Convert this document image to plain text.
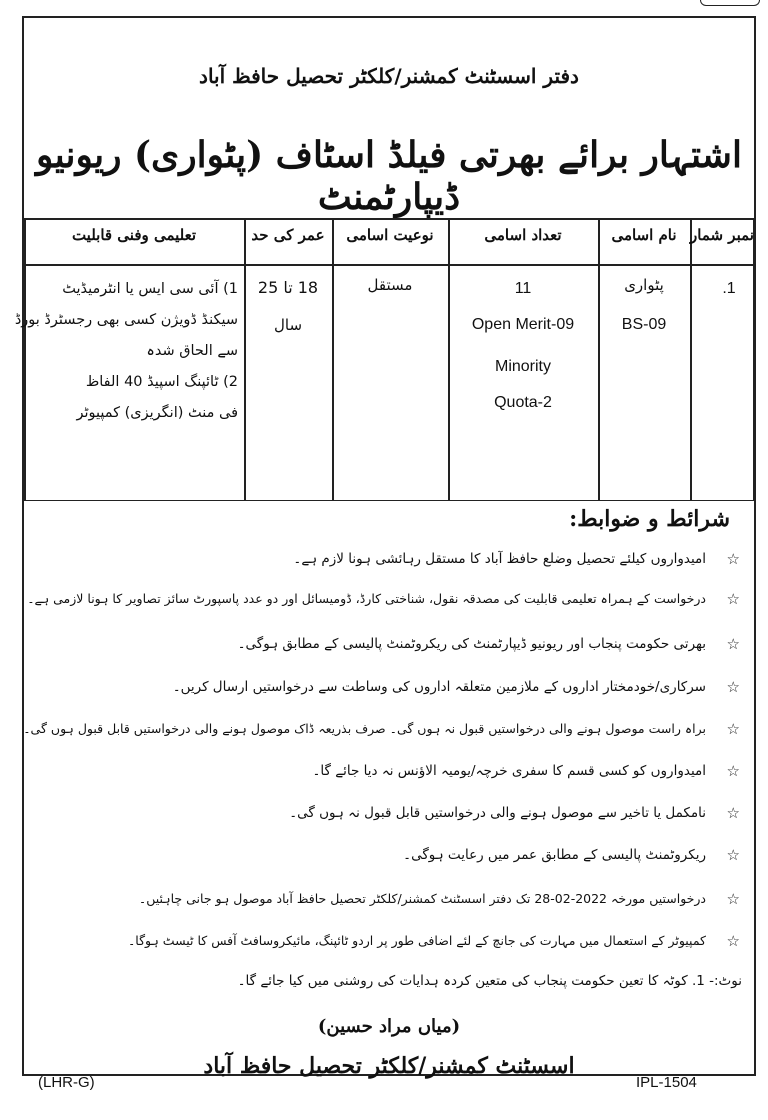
دفتر اسسٹنٹ کمشنر/کلکٹر تحصیل حافظ آباد
اشتہار برائے بھرتی فیلڈ اسٹاف (پٹواری) ریونیو ڈیپارٹمنٹ
نمبر شمار
نام اسامی
تعداد اسامی
نوعیت اسامی
عمر کی حد
تعلیمی وفنی قابلیت
1.
پٹواری
BS-09
11
Open Merit-09
Minority
Quota-2
مستقل
18 تا 25
سال
1) آئی سی ایس یا انٹرمیڈیٹ
سیکنڈ ڈویژن کسی بھی رجسٹرڈ بورڈ
سے الحاق شدہ
2) ٹائپنگ اسپیڈ 40 الفاظ
فی منٹ (انگریزی) کمپیوٹر
شرائط و ضوابط:
☆
امیدواروں کیلئے تحصیل وضلع حافظ آباد کا مستقل رہائشی ہونا لازم ہے۔
☆
درخواست کے ہمراہ تعلیمی قابلیت کی مصدقہ نقول، شناختی کارڈ، ڈومیسائل اور دو عدد پاسپورٹ سائز تصاویر کا ہونا لازمی ہے۔
☆
بھرتی حکومت پنجاب اور ریونیو ڈیپارٹمنٹ کی ریکروٹمنٹ پالیسی کے مطابق ہوگی۔
☆
سرکاری/خودمختار اداروں کے ملازمین متعلقہ اداروں کی وساطت سے درخواستیں ارسال کریں۔
☆
براہ راست موصول ہونے والی درخواستیں قبول نہ ہوں گی۔ صرف بذریعہ ڈاک موصول ہونے والی درخواستیں قابل قبول ہوں گی۔
☆
امیدواروں کو کسی قسم کا سفری خرچہ/یومیہ الاؤنس نہ دیا جائے گا۔
☆
نامکمل یا تاخیر سے موصول ہونے والی درخواستیں قابل قبول نہ ہوں گی۔
☆
ریکروٹمنٹ پالیسی کے مطابق عمر میں رعایت ہوگی۔
☆
درخواستیں مورخہ 2022-02-28 تک دفتر اسسٹنٹ کمشنر/کلکٹر تحصیل حافظ آباد موصول ہو جانی چاہئیں۔
☆
کمپیوٹر کے استعمال میں مہارت کی جانچ کے لئے اضافی طور پر اردو ٹائپنگ، مائیکروسافٹ آفس کا ٹیسٹ ہوگا۔
نوٹ:- 1. کوٹہ کا تعین حکومت پنجاب کی متعین کردہ ہدایات کی روشنی میں کیا جائے گا۔
(میاں مراد حسین)
اسسٹنٹ کمشنر/کلکٹر تحصیل حافظ آباد
(LHR-G)	IPL-1504
